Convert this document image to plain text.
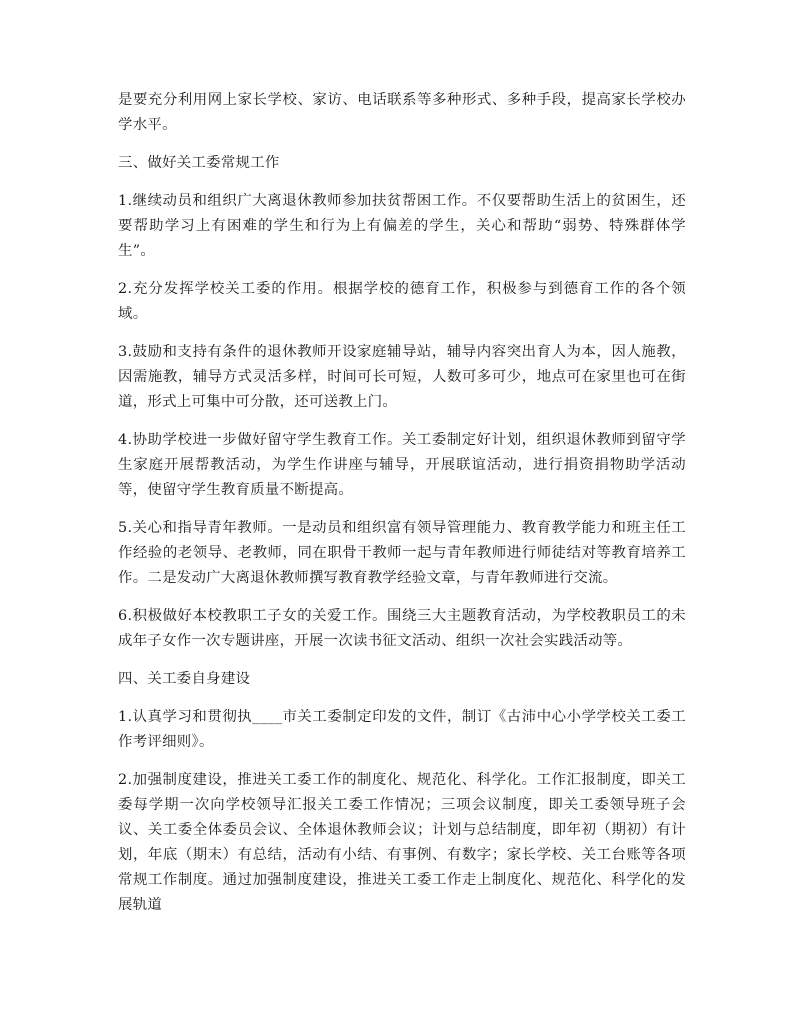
是要充分利用网上家长学校、家访、电话联系等多种形式、多种手段，提高家长学校办学水平。

三、做好关工委常规工作

1.继续动员和组织广大离退休教师参加扶贫帮困工作。不仅要帮助生活上的贫困生，还要帮助学习上有困难的学生和行为上有偏差的学生，关心和帮助“弱势、特殊群体学生”。

2.充分发挥学校关工委的作用。根据学校的德育工作，积极参与到德育工作的各个领域。

3.鼓励和支持有条件的退休教师开设家庭辅导站，辅导内容突出育人为本，因人施教，因需施教，辅导方式灵活多样，时间可长可短，人数可多可少，地点可在家里也可在街道，形式上可集中可分散，还可送教上门。

4.协助学校进一步做好留守学生教育工作。关工委制定好计划，组织退休教师到留守学生家庭开展帮教活动，为学生作讲座与辅导，开展联谊活动，进行捐资捐物助学活动等，使留守学生教育质量不断提高。

5.关心和指导青年教师。一是动员和组织富有领导管理能力、教育教学能力和班主任工作经验的老领导、老教师，同在职骨干教师一起与青年教师进行师徒结对等教育培养工作。二是发动广大离退休教师撰写教育教学经验文章，与青年教师进行交流。

6.积极做好本校教职工子女的关爱工作。围绕三大主题教育活动，为学校教职员工的未成年子女作一次专题讲座，开展一次读书征文活动、组织一次社会实践活动等。

四、关工委自身建设

1.认真学习和贯彻执____市关工委制定印发的文件，制订《古沛中心小学学校关工委工作考评细则》。

2.加强制度建设，推进关工委工作的制度化、规范化、科学化。工作汇报制度，即关工委每学期一次向学校领导汇报关工委工作情况；三项会议制度，即关工委领导班子会议、关工委全体委员会议、全体退休教师会议；计划与总结制度，即年初（期初）有计划，年底（期末）有总结，活动有小结、有事例、有数字；家长学校、关工台账等各项常规工作制度。通过加强制度建设，推进关工委工作走上制度化、规范化、科学化的发展轨道
